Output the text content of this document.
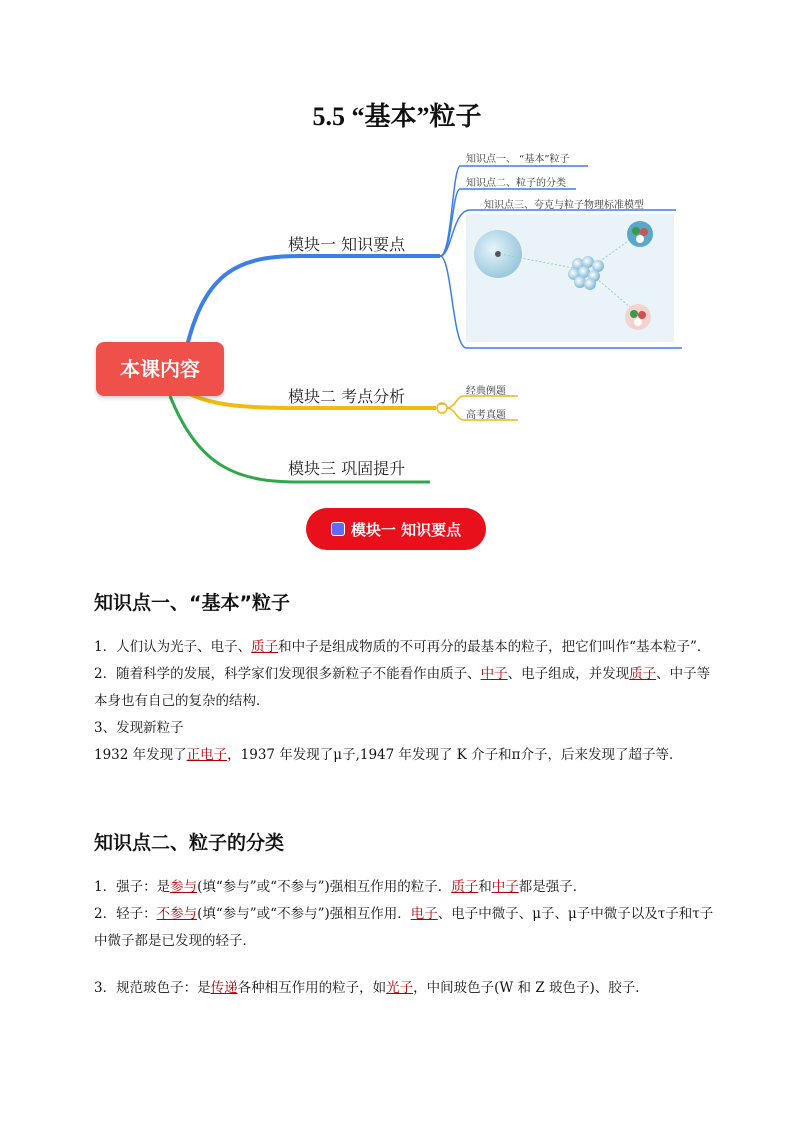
5.5 “基本”粒子
−
本课内容
模块一 知识要点
模块二 考点分析
模块三 巩固提升
知识点一、 “基本”粒子
知识点二、粒子的分类
知识点三、夸克与粒子物理标准模型
经典例题
高考真题
模块一 知识要点
知识点一、“基本”粒子
1．人们认为光子、电子、质子和中子是组成物质的不可再分的最基本的粒子，把它们叫作“基本粒子”．
2．随着科学的发展，科学家们发现很多新粒子不能看作由质子、中子、电子组成，并发现质子、中子等本身也有自己的复杂的结构．
3、发现新粒子
1932 年发现了正电子，1937 年发现了μ子,1947 年发现了 K 介子和π介子，后来发现了超子等．
知识点二、粒子的分类
1．强子：是参与(填“参与”或“不参与”)强相互作用的粒子．质子和中子都是强子．
2．轻子：不参与(填“参与”或“不参与”)强相互作用．电子、电子中微子、μ子、μ子中微子以及τ子和τ子中微子都是已发现的轻子．
3．规范玻色子：是传递各种相互作用的粒子，如光子，中间玻色子(W 和 Z 玻色子)、胶子．
